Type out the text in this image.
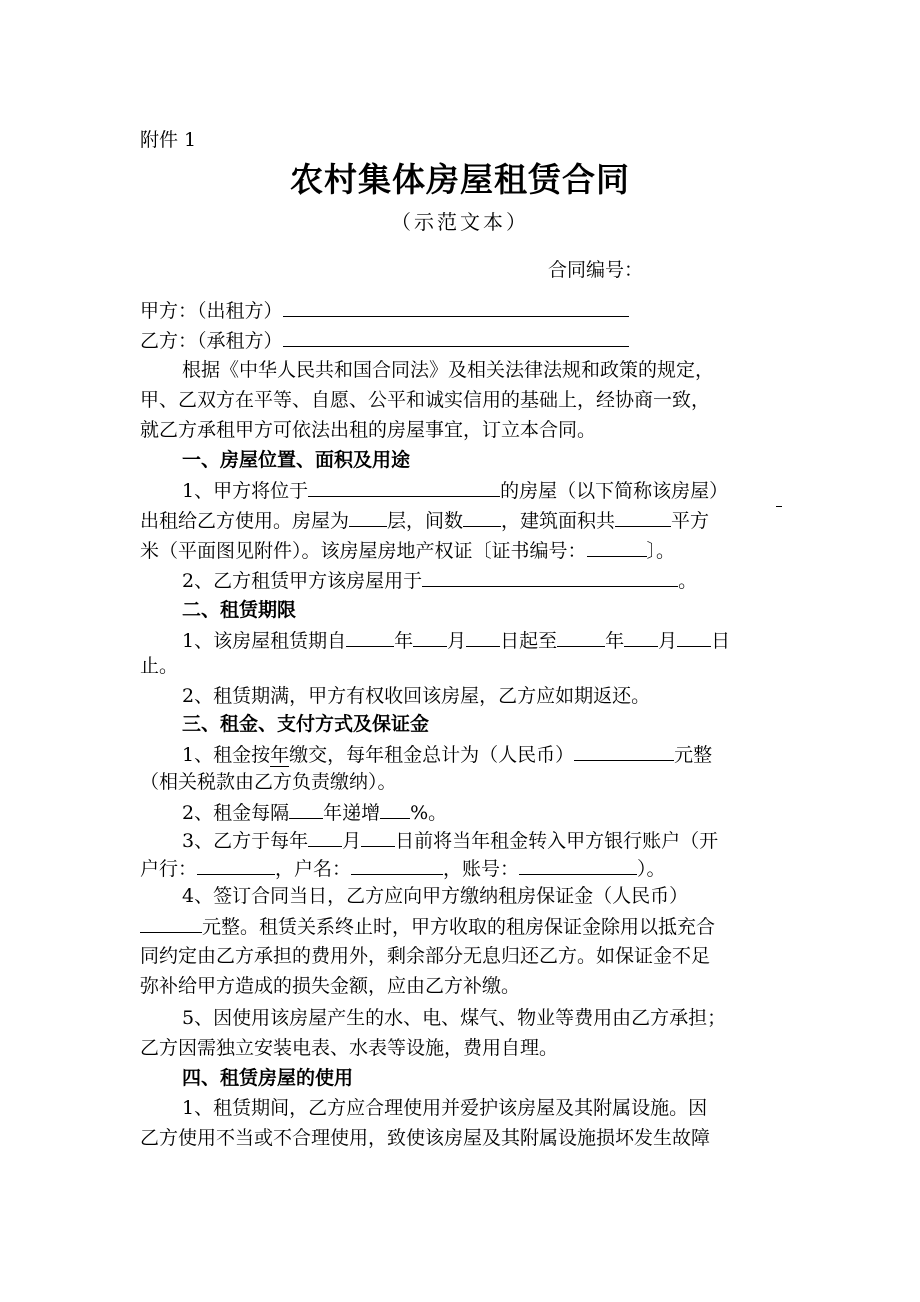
附件 1
农村集体房屋租赁合同
（示范文本）
合同编号：
甲方：（出租方）
乙方：（承租方）
根据《中华人民共和国合同法》及相关法律法规和政策的规定，
甲、乙双方在平等、自愿、公平和诚实信用的基础上，经协商一致，
就乙方承租甲方可依法出租的房屋事宜，订立本合同。
一、房屋位置、面积及用途
1、甲方将位于	的房屋（以下简称该房屋）
出租给乙方使用。房屋为 层，间数 ，建筑面积共	平方
米（平面图见附件）。该房屋房地产权证〔证书编号：	〕。
2、乙方租赁甲方该房屋用于	。
二、租赁期限
1、该房屋租赁期自	年 月 日起至	年 月 日
止。
2、租赁期满，甲方有权收回该房屋，乙方应如期返还。
三、租金、支付方式及保证金
1、租金按年缴交，每年租金总计为（人民币）	元整
（相关税款由乙方负责缴纳）。
2、租金每隔 年递增 %。
3、乙方于每年 月 日前将当年租金转入甲方银行账户（开
户行：	，户名：	，账号：	）。
4、签订合同当日，乙方应向甲方缴纳租房保证金（人民币）
元整。租赁关系终止时，甲方收取的租房保证金除用以抵充合
同约定由乙方承担的费用外，剩余部分无息归还乙方。如保证金不足
弥补给甲方造成的损失金额，应由乙方补缴。
5、因使用该房屋产生的水、电、煤气、物业等费用由乙方承担；
乙方因需独立安装电表、水表等设施，费用自理。
四、租赁房屋的使用
1、租赁期间，乙方应合理使用并爱护该房屋及其附属设施。因
乙方使用不当或不合理使用，致使该房屋及其附属设施损坏发生故障
